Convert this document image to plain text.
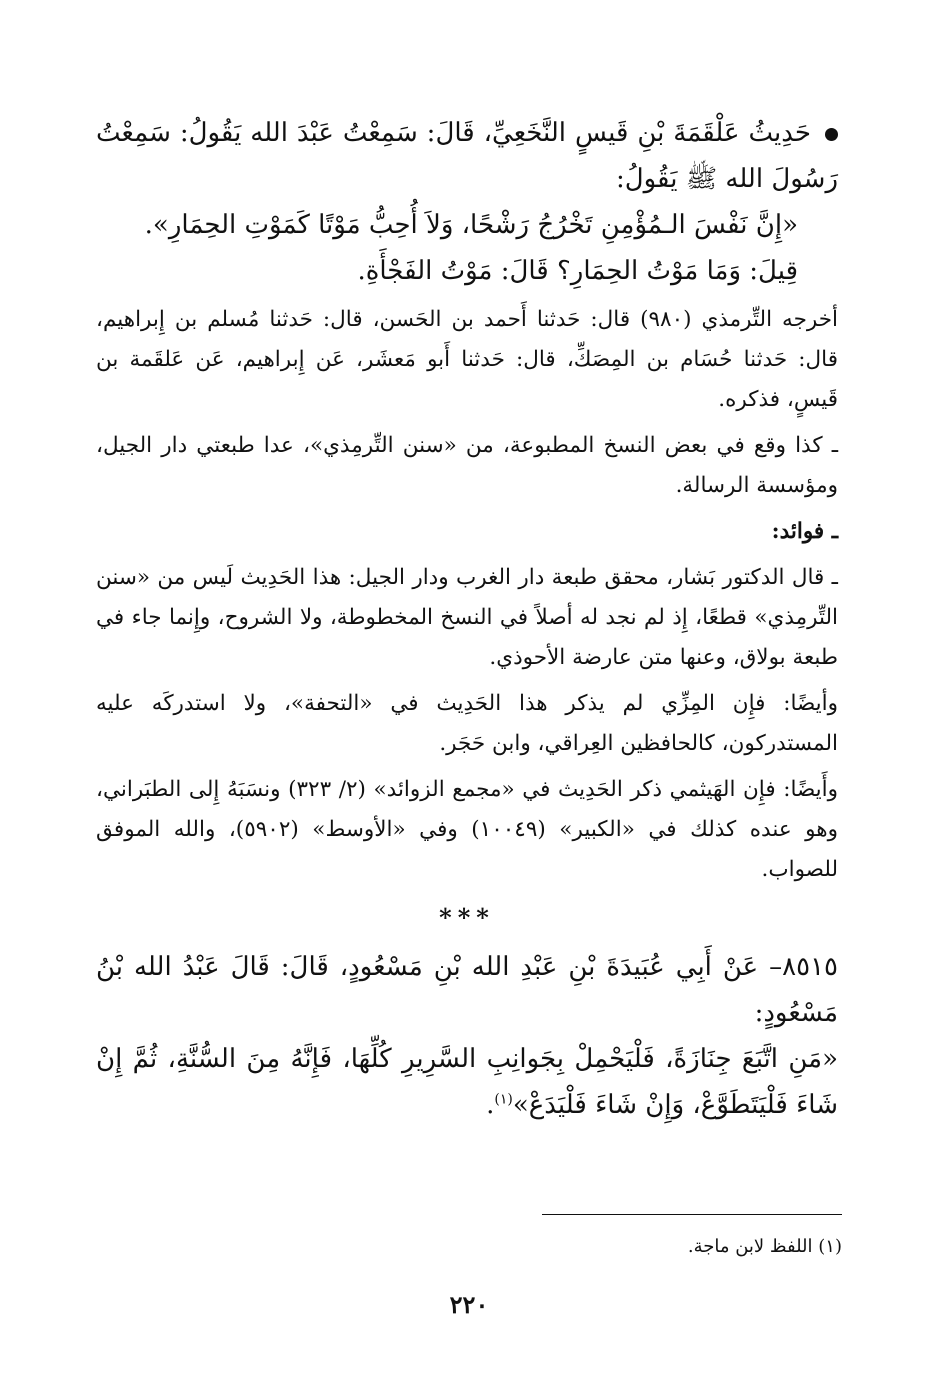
حَدِيثُ عَلْقَمَةَ بْنِ قَيسٍ النَّخَعِيِّ، قَالَ: سَمِعْتُ عَبْدَ الله يَقُولُ: سَمِعْتُ رَسُولَ الله ﷺ يَقُولُ:

«إِنَّ نَفْسَ الـمُؤْمِنِ تَخْرُجُ رَشْحًا، وَلاَ أُحِبُّ مَوْتًا كَمَوْتِ الحِمَارِ».

قِيلَ: وَمَا مَوْتُ الحِمَارِ؟ قَالَ: مَوْتُ الفَجْأَةِ.

أخرجه التِّرمذي (٩٨٠) قال: حَدثنا أَحمد بن الحَسن، قال: حَدثنا مُسلم بن إِبراهيم، قال: حَدثنا حُسَام بن المِصَكِّ، قال: حَدثنا أَبو مَعشَر، عَن إِبراهيم، عَن عَلقَمة بن قَيسٍ، فذكره.

ـ كذا وقع في بعض النسخ المطبوعة، من «سنن التِّرمِذي»، عدا طبعتي دار الجيل، ومؤسسة الرسالة.

ـ فوائد:

ـ قال الدكتور بَشار، محقق طبعة دار الغرب ودار الجيل: هذا الحَدِيث لَيس من «سنن التِّرمِذي» قطعًا، إِذ لم نجد له أصلاً في النسخ المخطوطة، ولا الشروح، وإِنما جاء في طبعة بولاق، وعنها متن عارضة الأحوذي.

وأيضًا: فإِن المِزِّي لم يذكر هذا الحَدِيث في «التحفة»، ولا استدركَه عليه المستدركون، كالحافظين العِراقي، وابن حَجَر.

وأَيضًا: فإِن الهَيثمي ذكر الحَدِيث في «مجمع الزوائد» (٢/ ٣٢٣) ونسَبَهُ إِلى الطبَراني، وهو عنده كذلك في «الكبير» (١٠٠٤٩) وفي «الأوسط» (٥٩٠٢)، والله الموفق للصواب.

***

٨٥١٥– عَنْ أَبِي عُبَيدَةَ بْنِ عَبْدِ الله بْنِ مَسْعُودٍ، قَالَ: قَالَ عَبْدُ الله بْنُ مَسْعُودٍ:

«مَنِ اتَّبَعَ جِنَازَةً، فَلْيَحْمِلْ بِجَوانِبِ السَّرِيرِ كُلِّهَا، فَإِنَّهُ مِنَ السُّنَّةِ، ثُمَّ إِنْ شَاءَ فَلْيَتَطَوَّعْ، وَإِنْ شَاءَ فَلْيَدَعْ»$^{(١)}$.

(١) اللفظ لابن ماجة.
٢٢٠
